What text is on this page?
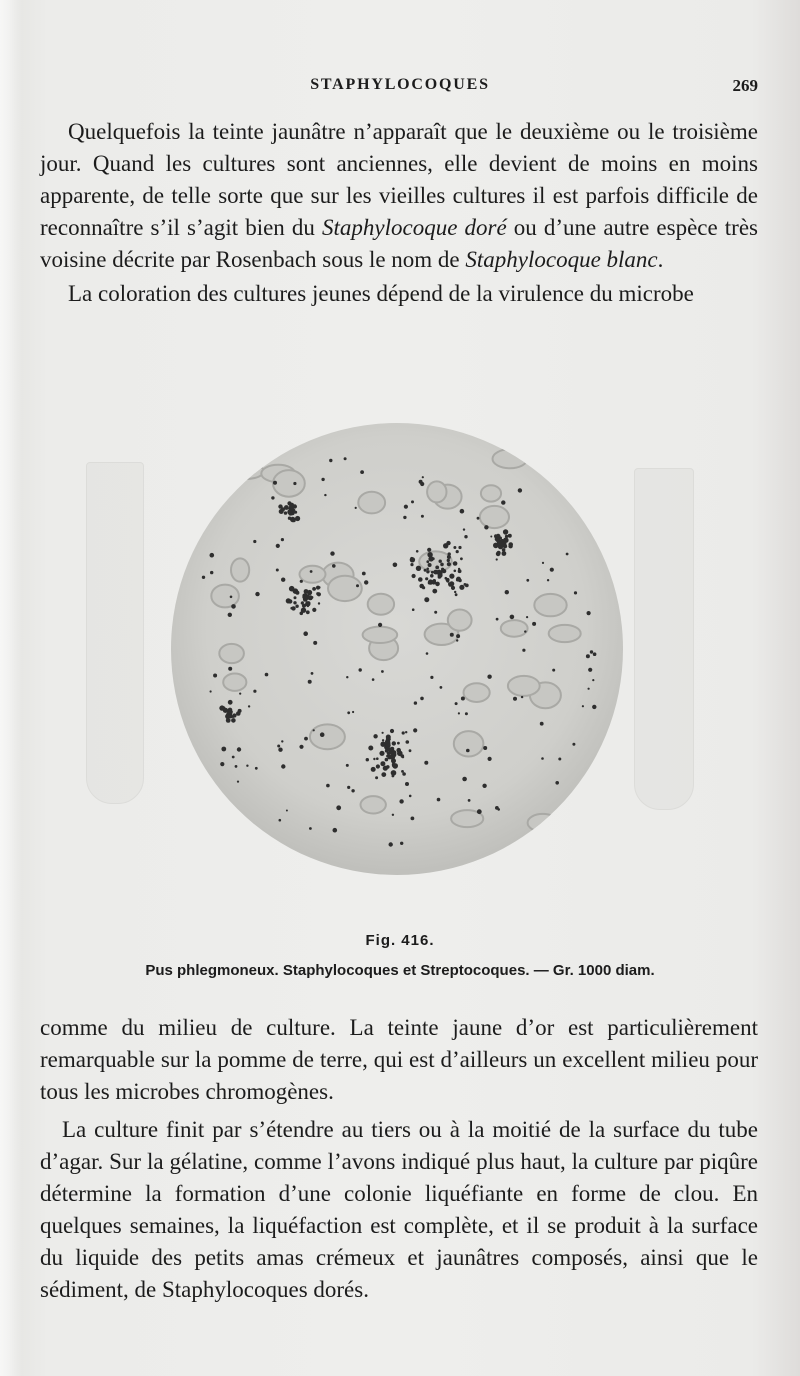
STAPHYLOCOQUES	269

Quelquefois la teinte jaunâtre n’apparaît que le deuxième ou le troisième jour. Quand les cultures sont anciennes, elle devient de moins en moins apparente, de telle sorte que sur les vieilles cultures il est parfois difficile de reconnaître s’il s’agit bien du Staphylocoque doré ou d’une autre espèce très voisine décrite par Rosenbach sous le nom de Staphylocoque blanc.

La coloration des cultures jeunes dépend de la virulence du microbe

Fig. 416.
Pus phlegmoneux. Staphylocoques et Streptocoques. — Gr. 1000 diam.

comme du milieu de culture. La teinte jaune d’or est particulièrement remarquable sur la pomme de terre, qui est d’ailleurs un excellent milieu pour tous les microbes chromogènes.

La culture finit par s’étendre au tiers ou à la moitié de la surface du tube d’agar. Sur la gélatine, comme l’avons indiqué plus haut, la culture par piqûre détermine la formation d’une colonie liquéfiante en forme de clou. En quelques semaines, la liquéfaction est complète, et il se produit à la surface du liquide des petits amas crémeux et jaunâtres composés, ainsi que le sédiment, de Staphylocoques dorés.
